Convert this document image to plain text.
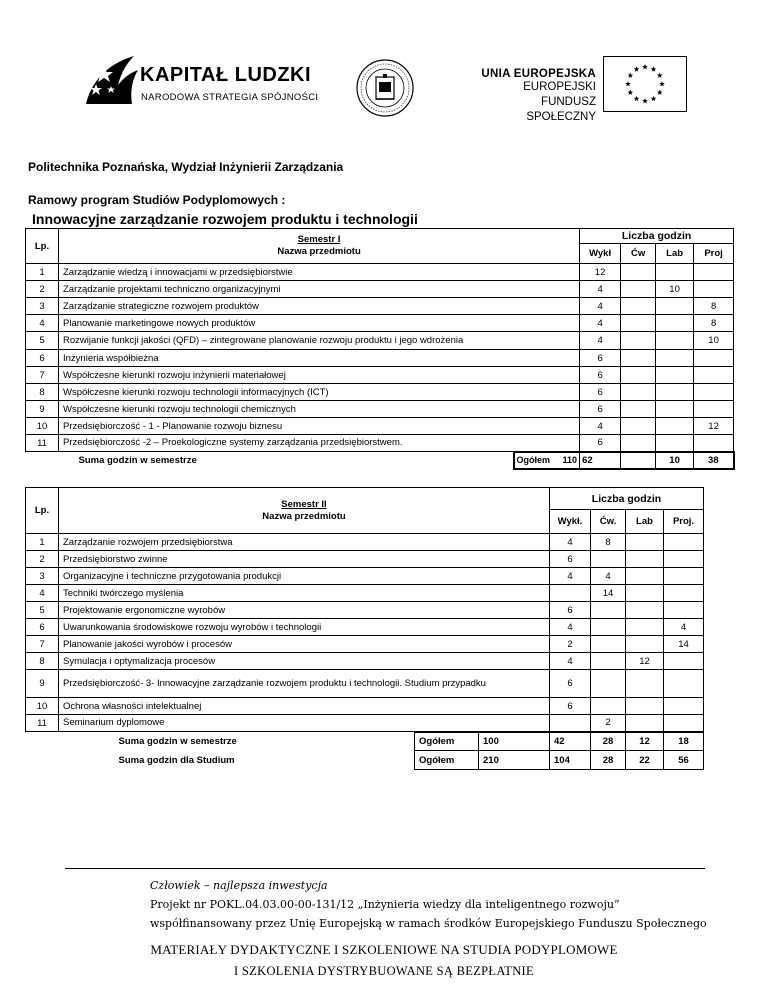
KAPITAŁ LUDZKI
NARODOWA STRATEGIA SPÓJNOŚCI
UNIA EUROPEJSKA
EUROPEJSKI
FUNDUSZ SPOŁECZNY
Politechnika Poznańska, Wydział Inżynierii Zarządzania
Ramowy program Studiów Podyplomowych :
Innowacyjne zarządzanie rozwojem produktu i technologii
Lp.	Semestr I
Nazwa przedmiotu		Liczba godzin			
			Wykł	Ćw	Lab	Proj
1	Zarządzanie wiedzą i innowacjami w przedsiębiorstwie		12			
2	Zarządzanie projektami techniczno organizacyjnymi		4		10	
3	Zarządzanie strategiczne rozwojem produktów		4			8
4	Planowanie marketingowe nowych produktów		4			8
5	Rozwijanie funkcji jakości (QFD) – zintegrowane planowanie rozwoju produktu i jego wdrożenia		4			10
6	Inżynieria współbieżna		6			
7	Współczesne kierunki rozwoju inżynierii materiałowej		6			
8	Współczesne kierunki rozwoju technologii informacyjnych (ICT)		6			
9	Współczesne kierunki rozwoju technologii chemicznych		6			
10	Przedsiębiorczość - 1 - Planowanie rozwoju biznesu		4			12
11	Przedsiębiorczość -2 – Proekologiczne systemy zarządzania przedsiębiorstwem.		6			
	Suma godzin w semestrze	Ogółem 110	62		10	38
Lp.	Semestr II
Nazwa przedmiotu			Liczba godzin			
				Wykł.	Ćw.	Lab	Proj.
1	Zarządzanie rozwojem przedsiębiorstwa			4	8		
2	Przedsiębiorstwo zwinne			6			
3	Organizacyjne i techniczne przygotowania produkcji			4	4		
4	Techniki twórczego myślenia				14		
5	Projektowanie ergonomiczne wyrobów			6			
6	Uwarunkowania środowiskowe rozwoju wyrobów i technologii			4			4
7	Planowanie jakości wyrobów i procesów			2			14
8	Symulacja i optymalizacja procesów			4		12	
9	Przedsiębiorczość- 3- Innowacyjne zarządzanie rozwojem produktu i technologii. Studium przypadku			6			
10	Ochrona własności intelektualnej			6			
11	Seminarium dyplomowe				2		
	Suma godzin w semestrze	Ogółem	100	42	28	12	18
	Suma godzin dla Studium	Ogółem	210	104	28	22	56
Człowiek – najlepsza inwestycja
Projekt nr POKL.04.03.00-00-131/12 „Inżynieria wiedzy dla inteligentnego rozwoju”
współfinansowany przez Unię Europejską w ramach środków Europejskiego Funduszu Społecznego
MATERIAŁY DYDAKTYCZNE I SZKOLENIOWE NA STUDIA PODYPLOMOWE
I SZKOLENIA DYSTRYBUOWANE SĄ BEZPŁATNIE
